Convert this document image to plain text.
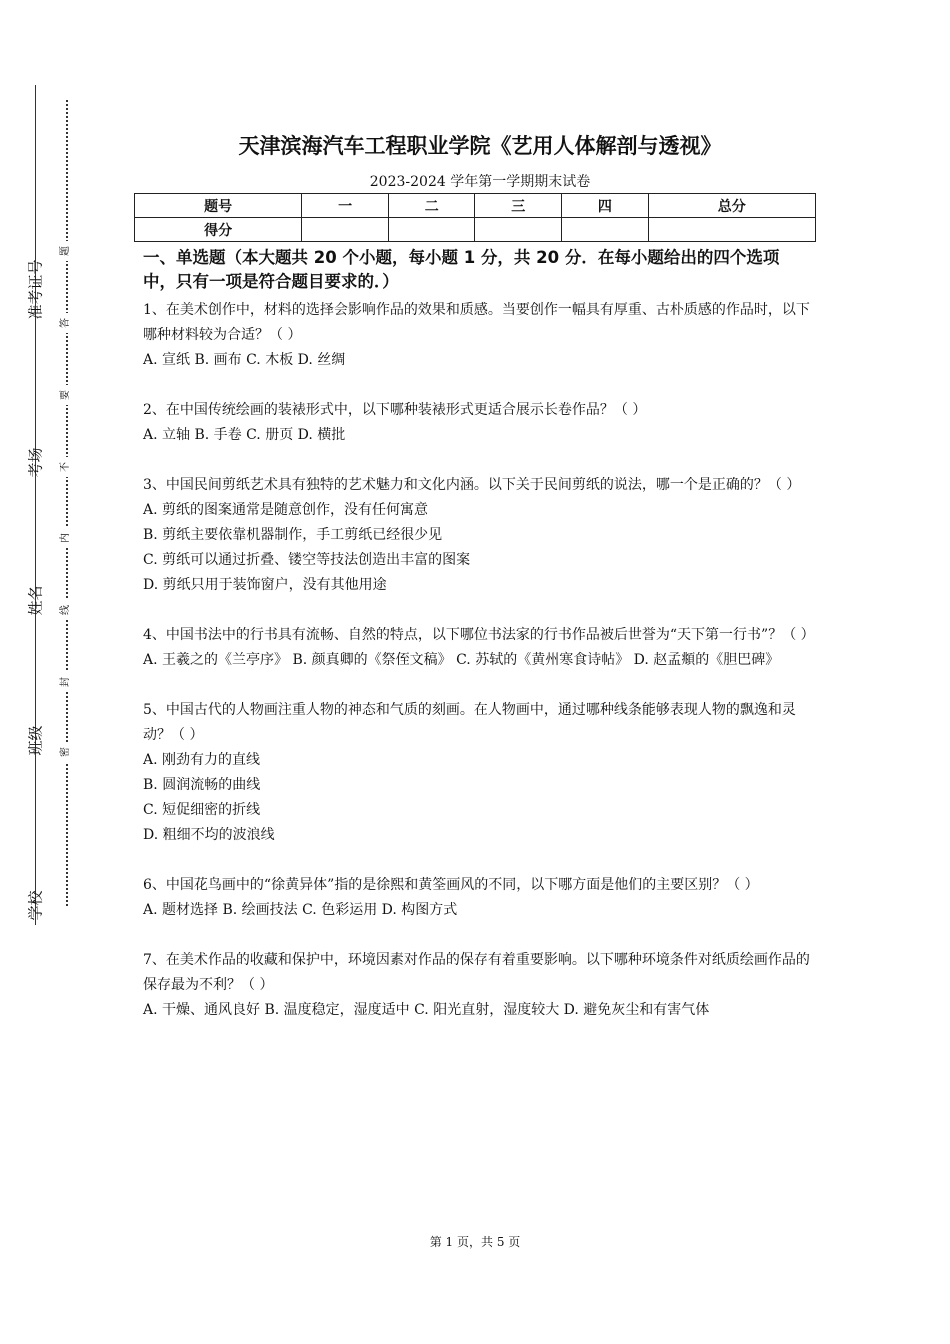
学校
班级
姓名
考场
准考证号
密
封
线
内
不
要
答
题
天津滨海汽车工程职业学院《艺用人体解剖与透视》
2023-2024 学年第一学期期末试卷
题号	一	二	三	四	总分
得分					
一、单选题（本大题共 20 个小题，每小题 1 分，共 20 分．在每小题给出的四个选项中，只有一项是符合题目要求的．）

1、在美术创作中，材料的选择会影响作品的效果和质感。当要创作一幅具有厚重、古朴质感的作品时，以下哪种材料较为合适？（ ）

A. 宣纸 B. 画布 C. 木板 D. 丝绸

2、在中国传统绘画的装裱形式中，以下哪种装裱形式更适合展示长卷作品？（ ）

A. 立轴 B. 手卷 C. 册页 D. 横批

3、中国民间剪纸艺术具有独特的艺术魅力和文化内涵。以下关于民间剪纸的说法，哪一个是正确的？（ ）

A. 剪纸的图案通常是随意创作，没有任何寓意

B. 剪纸主要依靠机器制作，手工剪纸已经很少见

C. 剪纸可以通过折叠、镂空等技法创造出丰富的图案

D. 剪纸只用于装饰窗户，没有其他用途

4、中国书法中的行书具有流畅、自然的特点，以下哪位书法家的行书作品被后世誉为“天下第一行书”？（ ）

A. 王羲之的《兰亭序》 B. 颜真卿的《祭侄文稿》 C. 苏轼的《黄州寒食诗帖》 D. 赵孟頫的《胆巴碑》

5、中国古代的人物画注重人物的神态和气质的刻画。在人物画中，通过哪种线条能够表现人物的飘逸和灵动？（ ）

A. 刚劲有力的直线

B. 圆润流畅的曲线

C. 短促细密的折线

D. 粗细不均的波浪线

6、中国花鸟画中的“徐黄异体”指的是徐熙和黄筌画风的不同，以下哪方面是他们的主要区别？（ ）

A. 题材选择 B. 绘画技法 C. 色彩运用 D. 构图方式

7、在美术作品的收藏和保护中，环境因素对作品的保存有着重要影响。以下哪种环境条件对纸质绘画作品的保存最为不利？（ ）

A. 干燥、通风良好 B. 温度稳定，湿度适中 C. 阳光直射，湿度较大 D. 避免灰尘和有害气体

第 1 页，共 5 页
